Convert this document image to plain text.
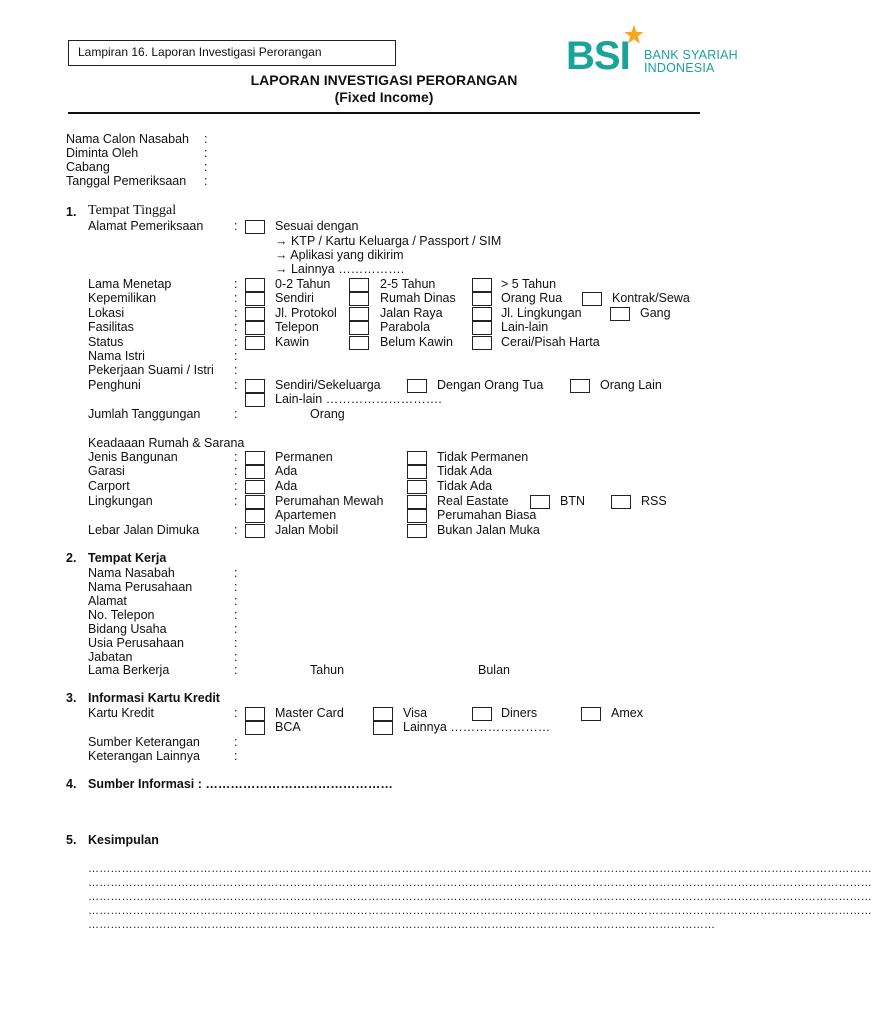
Lampiran 16. Laporan Investigasi Perorangan	BSI BANK SYARIAH
INDONESIA
LAPORAN INVESTIGASI PERORANGAN
(Fixed Income)
Nama Calon Nasabah :
Diminta Oleh	:
Cabang	:
Tanggal Pemeriksaan :
1. Tempat Tinggal
Alamat Pemeriksaan :	Sesuai dengan
→ KTP / Kartu Keluarga / Passport / SIM
→ Aplikasi yang dikirim
→ Lainnya …………….
Lama Menetap	:	0-2 Tahun	2-5 Tahun	> 5 Tahun
Kepemilikan	:	Sendiri	Rumah Dinas	Orang Rua	Kontrak/Sewa
Lokasi	:	Jl. Protokol	Jalan Raya	Jl. Lingkungan	Gang
Fasilitas	:	Telepon	Parabola	Lain-lain
Status	:	Kawin	Belum Kawin	Cerai/Pisah Harta
Nama Istri	:
Pekerjaan Suami / Istri :
Penghuni	:	Sendiri/Sekeluarga	Dengan Orang Tua	Orang Lain
Lain-lain ……………………….
Jumlah Tanggungan	:	Orang
Keadaaan Rumah & Sarana
Jenis Bangunan	:	Permanen	Tidak Permanen
Garasi	:	Ada	Tidak Ada
Carport	:	Ada	Tidak Ada
Lingkungan	:	Perumahan Mewah	Real Eastate	BTN	RSS
Apartemen	Perumahan Biasa
Lebar Jalan Dimuka	:	Jalan Mobil	Bukan Jalan Muka
2. Tempat Kerja
Nama Nasabah	:
Nama Perusahaan	:
Alamat	:
No. Telepon	:
Bidang Usaha	:
Usia Perusahaan	:
Jabatan	:
Lama Berkerja	:	Tahun	Bulan
3. Informasi Kartu Kredit
Kartu Kredit	:	Master Card	Visa	Diners	Amex
BCA	Lainnya ……………………
Sumber Keterangan	:
Keterangan Lainnya	:
4. Sumber Informasi : ………………………………………
5. Kesimpulan
…………………………………………………………………………………………………………………………………………………………………………………………
…………………………………………………………………………………………………………………………………………………………………………………………
…………………………………………………………………………………………………………………………………………………………………………………………
…………………………………………………………………………………………………………………………………………………………………………………………
……………………………………………………………………………………………………………………………………………………
